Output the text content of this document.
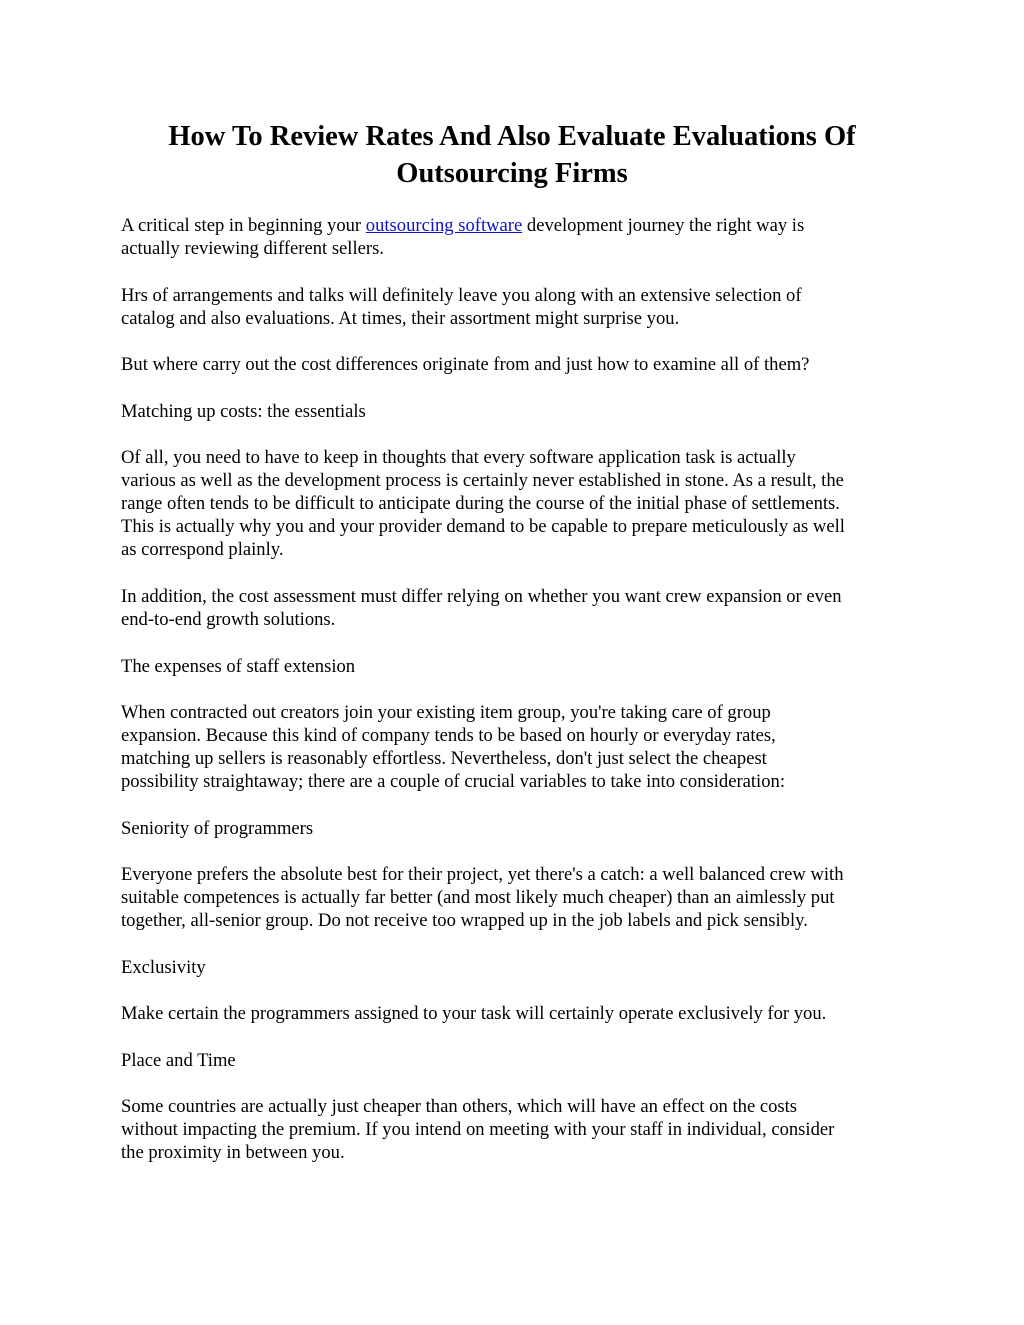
How To Review Rates And Also Evaluate Evaluations Of
Outsourcing Firms

A critical step in beginning your outsourcing software development journey the right way is
actually reviewing different sellers.

Hrs of arrangements and talks will definitely leave you along with an extensive selection of
catalog and also evaluations. At times, their assortment might surprise you.

But where carry out the cost differences originate from and just how to examine all of them?

Matching up costs: the essentials

Of all, you need to have to keep in thoughts that every software application task is actually
various as well as the development process is certainly never established in stone. As a result, the
range often tends to be difficult to anticipate during the course of the initial phase of settlements.
This is actually why you and your provider demand to be capable to prepare meticulously as well
as correspond plainly.

In addition, the cost assessment must differ relying on whether you want crew expansion or even
end-to-end growth solutions.

The expenses of staff extension

When contracted out creators join your existing item group, you're taking care of group
expansion. Because this kind of company tends to be based on hourly or everyday rates,
matching up sellers is reasonably effortless. Nevertheless, don't just select the cheapest
possibility straightaway; there are a couple of crucial variables to take into consideration:

Seniority of programmers

Everyone prefers the absolute best for their project, yet there's a catch: a well balanced crew with
suitable competences is actually far better (and most likely much cheaper) than an aimlessly put
together, all-senior group. Do not receive too wrapped up in the job labels and pick sensibly.

Exclusivity

Make certain the programmers assigned to your task will certainly operate exclusively for you.

Place and Time

Some countries are actually just cheaper than others, which will have an effect on the costs
without impacting the premium. If you intend on meeting with your staff in individual, consider
the proximity in between you.
